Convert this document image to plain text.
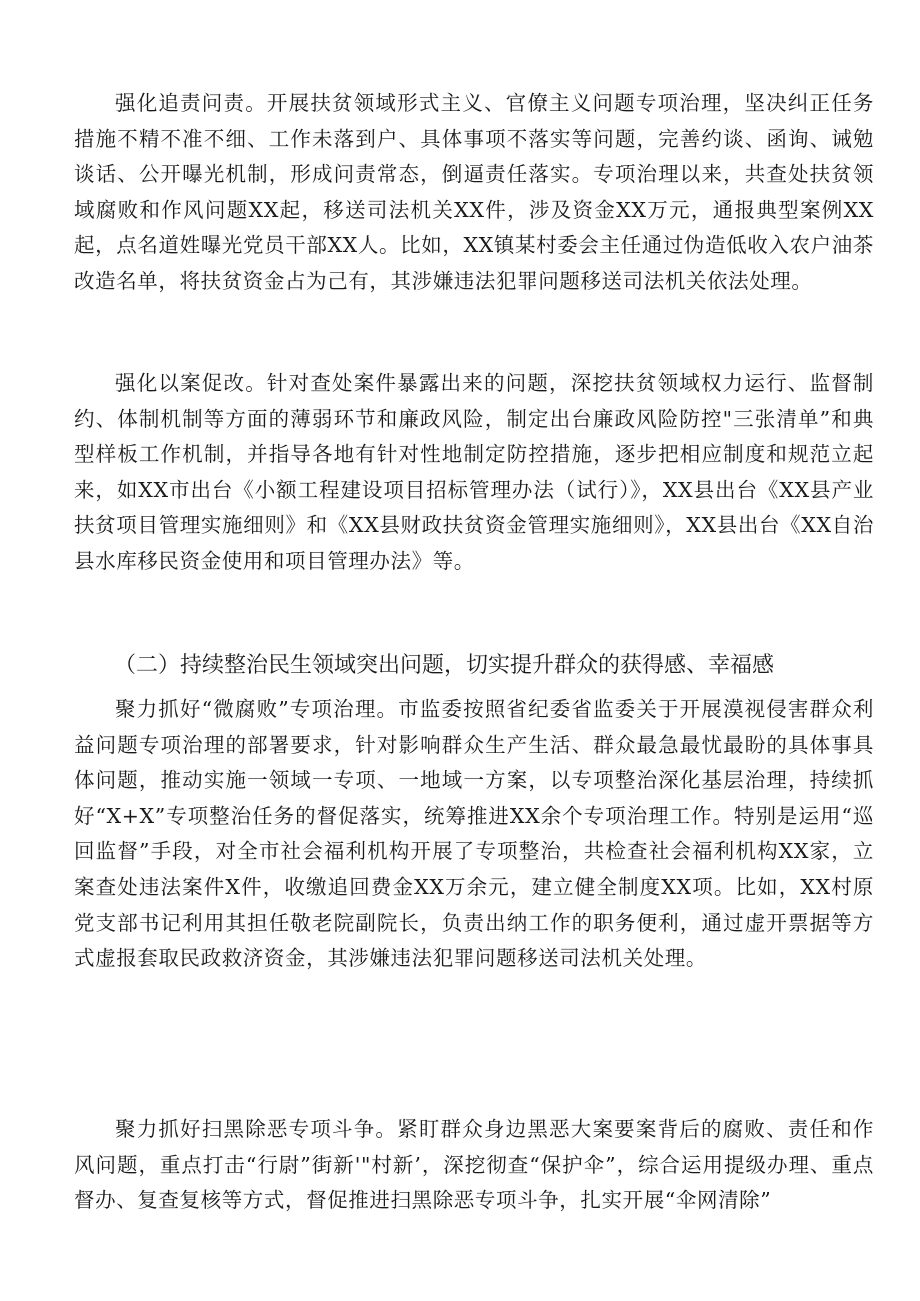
强化追责问责。开展扶贫领域形式主义、官僚主义问题专项治理，坚决纠正任务措施不精不准不细、工作未落到户、具体事项不落实等问题，完善约谈、函询、诫勉谈话、公开曝光机制，形成问责常态，倒逼责任落实。专项治理以来，共查处扶贫领域腐败和作风问题XX起，移送司法机关XX件，涉及资金XX万元，通报典型案例XX起，点名道姓曝光党员干部XX人。比如，XX镇某村委会主任通过伪造低收入农户油茶改造名单，将扶贫资金占为己有，其涉嫌违法犯罪问题移送司法机关依法处理。

强化以案促改。针对查处案件暴露出来的问题，深挖扶贫领域权力运行、监督制约、体制机制等方面的薄弱环节和廉政风险，制定出台廉政风险防控"三张清单”和典型样板工作机制，并指导各地有针对性地制定防控措施，逐步把相应制度和规范立起来，如XX市出台《小额工程建设项目招标管理办法（试行）》，XX县出台《XX县产业扶贫项目管理实施细则》和《XX县财政扶贫资金管理实施细则》，XX县出台《XX自治县水库移民资金使用和项目管理办法》等。

（二）持续整治民生领域突出问题，切实提升群众的获得感、幸福感

聚力抓好“微腐败”专项治理。市监委按照省纪委省监委关于开展漠视侵害群众利益问题专项治理的部署要求，针对影响群众生产生活、群众最急最忧最盼的具体事具体问题，推动实施一领域一专项、一地域一方案，以专项整治深化基层治理，持续抓好“X+X”专项整治任务的督促落实，统筹推进XX余个专项治理工作。特别是运用“巡回监督”手段，对全市社会福利机构开展了专项整治，共检查社会福利机构XX家，立案查处违法案件X件，收缴追回费金XX万余元，建立健全制度XX项。比如，XX村原党支部书记利用其担任敬老院副院长，负责出纳工作的职务便利，通过虚开票据等方式虚报套取民政救济资金，其涉嫌违法犯罪问题移送司法机关处理。

聚力抓好扫黑除恶专项斗争。紧盯群众身边黑恶大案要案背后的腐败、责任和作风问题，重点打击“行尉”街新'"村新’，深挖彻查“保护伞”，综合运用提级办理、重点督办、复查复核等方式，督促推进扫黑除恶专项斗争，扎实开展“伞网清除”
